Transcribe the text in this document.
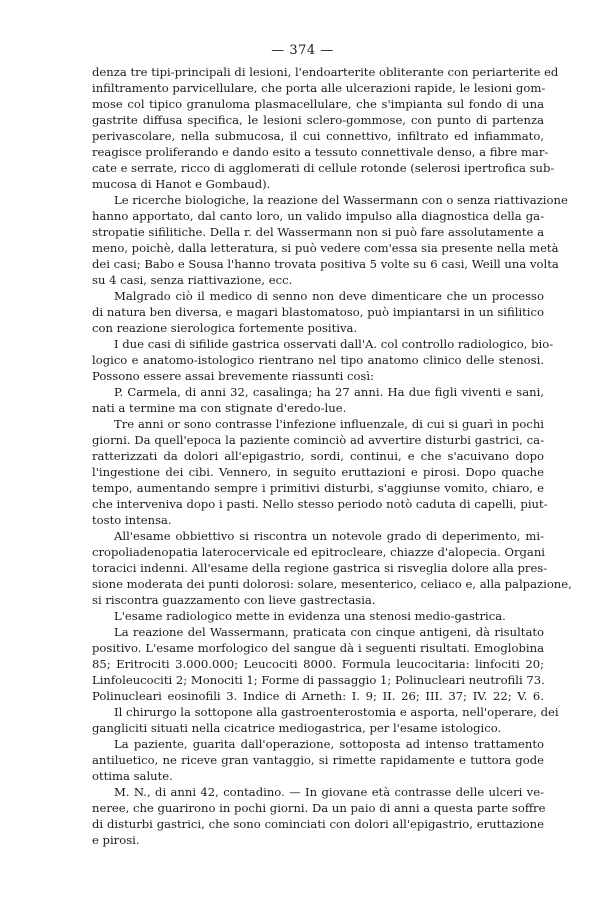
— 374 —
denza tre tipi-principali di lesioni, l'endoarterite obliterante con periarterite ed
infiltramento parvicellulare, che porta alle ulcerazioni rapide, le lesioni gom-
mose col tipico granuloma plasmacellulare, che s'impianta sul fondo di una
gastrite diffusa specifica, le lesioni sclero-gommose, con punto di partenza
perivascolare, nella submucosa, il cui connettivo, infiltrato ed infiammato,
reagisce proliferando e dando esito a tessuto connettivale denso, a fibre mar-
cate e serrate, ricco di agglomerati di cellule rotonde (selerosi ipertrofica sub-
mucosa di Hanot e Gombaud).
Le ricerche biologiche, la reazione del Wassermann con o senza riattivazione
hanno apportato, dal canto loro, un valido impulso alla diagnostica della ga-
stropatie sifilitiche. Della r. del Wassermann non si può fare assolutamente a
meno, poichè, dalla letteratura, si può vedere com'essa sia presente nella metà
dei casi; Babo e Sousa l'hanno trovata positiva 5 volte su 6 casi, Weill una volta
su 4 casi, senza riattivazione, ecc.
Malgrado ciò il medico di senno non deve dimenticare che un processo
di natura ben diversa, e magari blastomatoso, può impiantarsi in un sifilitico
con reazione sierologica fortemente positiva.
I due casi di sifilide gastrica osservati dall'A. col controllo radiologico, bio-
logico e anatomo-istologico rientrano nel tipo anatomo clinico delle stenosi.
Possono essere assai brevemente riassunti così:
P. Carmela, di anni 32, casalinga; ha 27 anni. Ha due figli viventi e sani,
nati a termine ma con stignate d'eredo-lue.
Tre anni or sono contrasse l'infezione influenzale, di cui si guarì in pochi
giorni. Da quell'epoca la paziente cominciò ad avvertire disturbi gastrici, ca-
ratterizzati da dolori all'epigastrio, sordi, continui, e che s'acuivano dopo
l'ingestione dei cibi. Vennero, in seguito eruttazioni e pirosi. Dopo quache
tempo, aumentando sempre i primitivi disturbi, s'aggiunse vomito, chiaro, e
che interveniva dopo i pasti. Nello stesso periodo notò caduta di capelli, piut-
tosto intensa.
All'esame obbiettivo si riscontra un notevole grado di deperimento, mi-
cropoliadenopatia laterocervicale ed epitrocleare, chiazze d'alopecia. Organi
toracici indenni. All'esame della regione gastrica si risveglia dolore alla pres-
sione moderata dei punti dolorosi: solare, mesenterico, celiaco e, alla palpazione,
si riscontra guazzamento con lieve gastrectasia.
L'esame radiologico mette in evidenza una stenosi medio-gastrica.
La reazione del Wassermann, praticata con cinque antigeni, dà risultato
positivo. L'esame morfologico del sangue dà i seguenti risultati. Emoglobina
85; Eritrociti 3.000.000; Leucociti 8000. Formula leucocitaria: linfociti 20;
Linfoleucociti 2; Monociti 1; Forme di passaggio 1; Polinucleari neutrofili 73.
Polinucleari eosinofili 3. Indice di Arneth: I. 9; II. 26; III. 37; IV. 22; V. 6.
Il chirurgo la sottopone alla gastroenterostomia e asporta, nell'operare, dei
gangliciti situati nella cicatrice mediogastrica, per l'esame istologico.
La paziente, guarita dall'operazione, sottoposta ad intenso trattamento
antiluetico, ne riceve gran vantaggio, si rimette rapidamente e tuttora gode
ottima salute.
M. N., di anni 42, contadino. — In giovane età contrasse delle ulceri ve-
neree, che guarirono in pochi giorni. Da un paio di anni a questa parte soffre
di disturbi gastrici, che sono cominciati con dolori all'epigastrio, eruttazione
e pirosi.
